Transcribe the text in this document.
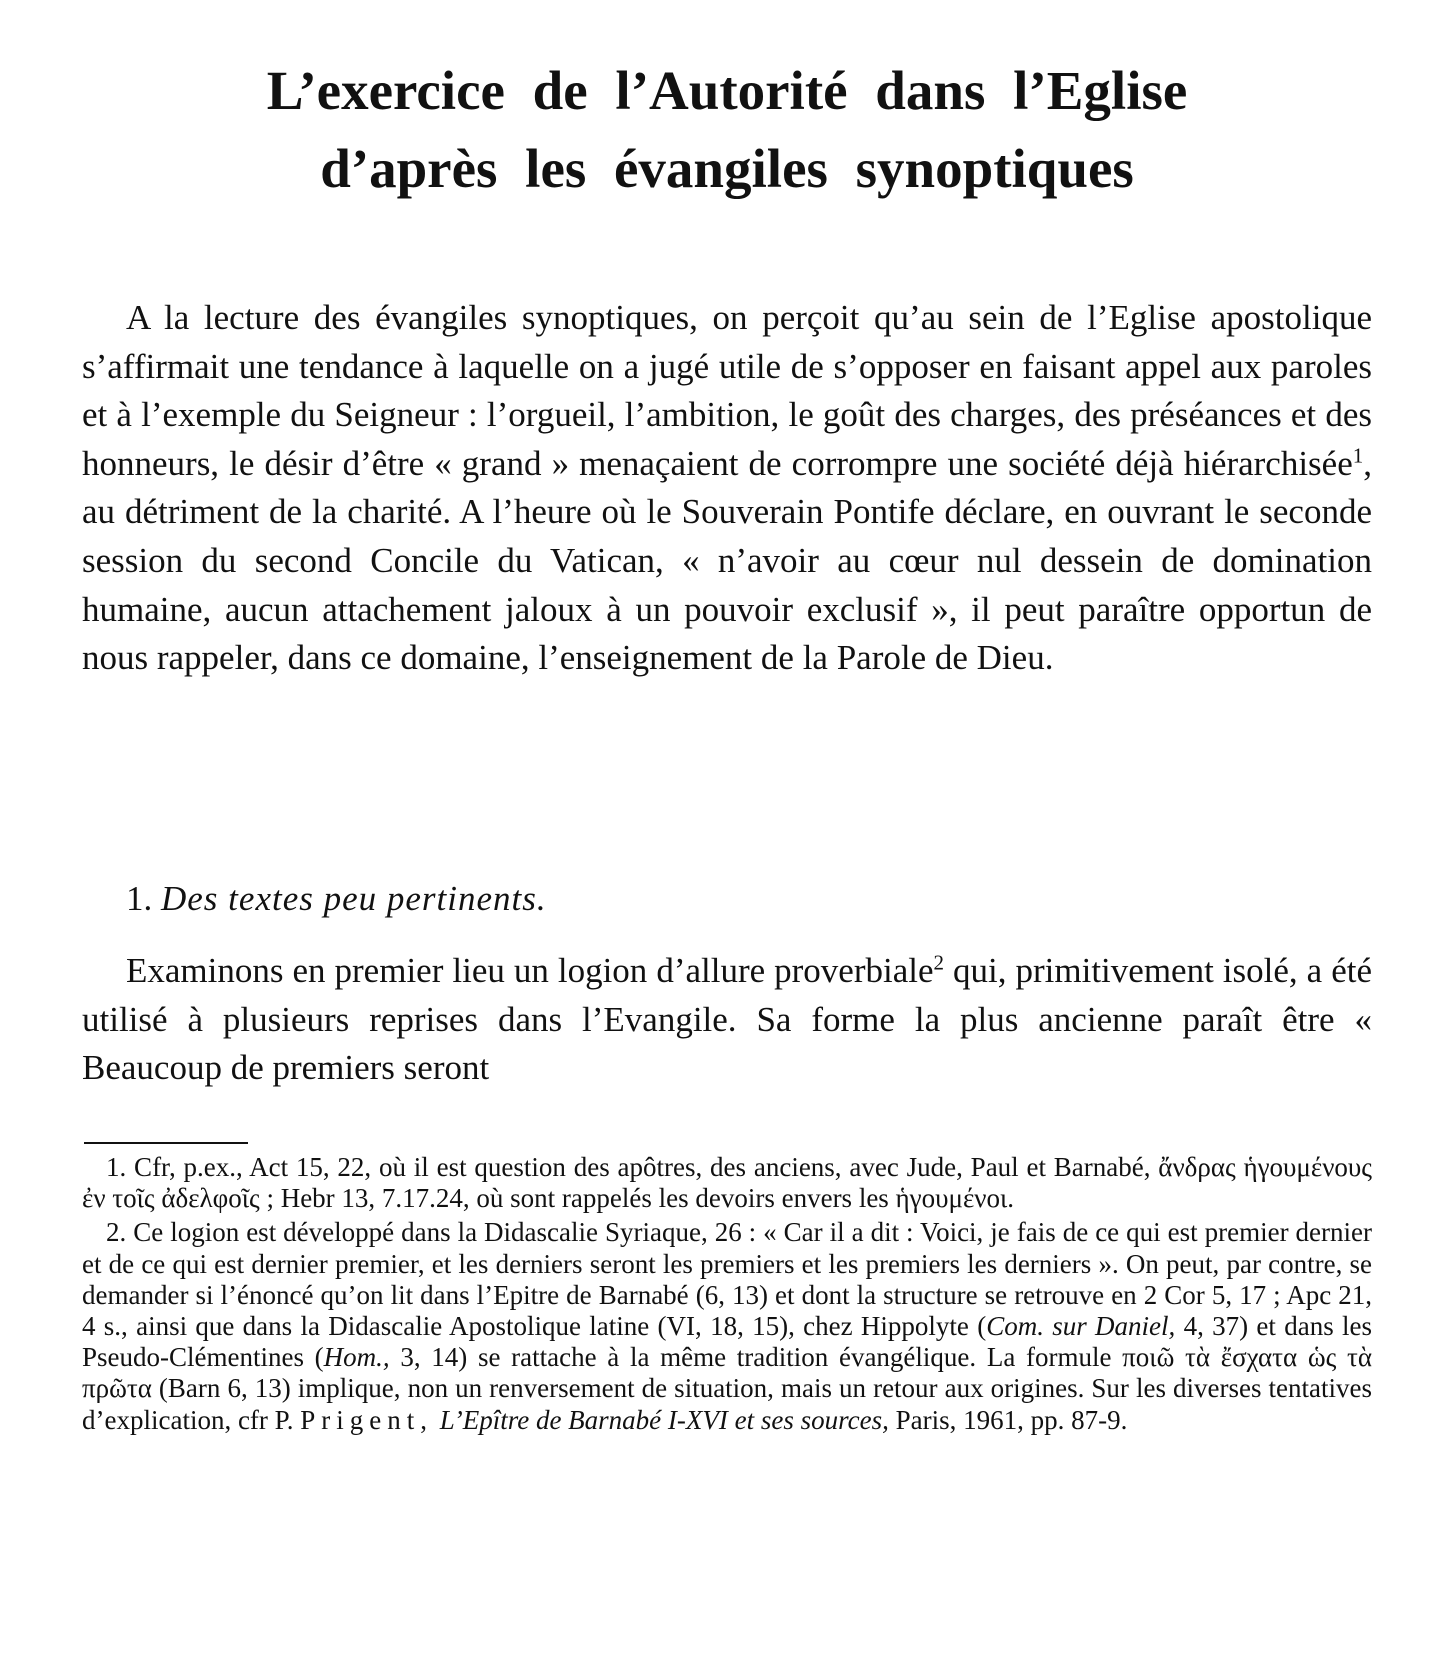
L’exercice de l’Autorité dans l’Eglise
d’après les évangiles synoptiques

A la lecture des évangiles synoptiques, on perçoit qu’au sein de l’Eglise apostolique s’affirmait une tendance à laquelle on a jugé utile de s’opposer en faisant appel aux paroles et à l’exemple du Seigneur : l’orgueil, l’ambition, le goût des charges, des préséances et des honneurs, le désir d’être « grand » menaçaient de corrompre une société déjà hiérarchisée$^1$, au détriment de la charité. A l’heure où le Souverain Pontife déclare, en ouvrant le seconde session du second Concile du Vatican, « n’avoir au cœur nul dessein de domination humaine, aucun attachement jaloux à un pouvoir exclusif », il peut paraître opportun de nous rappeler, dans ce domaine, l’enseignement de la Parole de Dieu.

1. Des textes peu pertinents.

Examinons en premier lieu un logion d’allure proverbiale$^2$ qui, primitivement isolé, a été utilisé à plusieurs reprises dans l’Evangile. Sa forme la plus ancienne paraît être « Beaucoup de premiers seront

1. Cfr, p.ex., Act 15, 22, où il est question des apôtres, des anciens, avec Jude, Paul et Barnabé, ἄνδρας ἡγουμένους ἐν τοῖς ἀδελφοῖς ; Hebr 13, 7.17.24, où sont rappelés les devoirs envers les ἡγουμένοι.

2. Ce logion est développé dans la Didascalie Syriaque, 26 : « Car il a dit : Voici, je fais de ce qui est premier dernier et de ce qui est dernier premier, et les derniers seront les premiers et les premiers les derniers ». On peut, par contre, se demander si l’énoncé qu’on lit dans l’Epitre de Barnabé (6, 13) et dont la structure se retrouve en 2 Cor 5, 17 ; Apc 21, 4 s., ainsi que dans la Didascalie Apostolique latine (VI, 18, 15), chez Hippolyte (Com. sur Daniel, 4, 37) et dans les Pseudo-Clémentines (Hom., 3, 14) se rattache à la même tradition évangélique. La formule ποιῶ τὰ ἔσχατα ὡς τὰ πρῶτα (Barn 6, 13) implique, non un renversement de situation, mais un retour aux origines. Sur les diverses tentatives d’explication, cfr P. Prigent, L’Epître de Barnabé I-XVI et ses sources, Paris, 1961, pp. 87-9.
